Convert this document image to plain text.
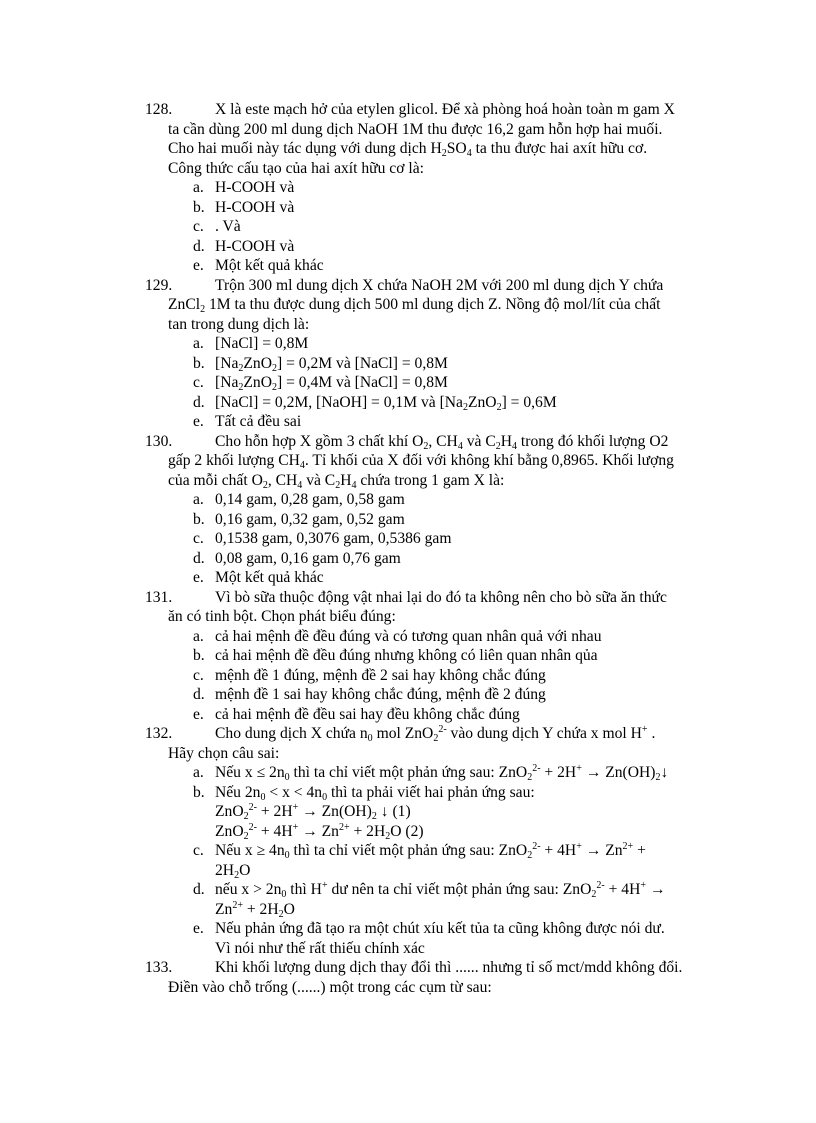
128.	X là este mạch hở của etylen glicol. Để xà phòng hoá hoàn toàn m gam X
ta cần dùng 200 ml dung dịch NaOH 1M thu được 16,2 gam hỗn hợp hai muối.
Cho hai muối này tác dụng với dung dịch $H_2SO_4$ ta thu được hai axít hữu cơ.
Công thức cấu tạo của hai axít hữu cơ là:
a. H-COOH và
b. H-COOH và
c. . Và
d. H-COOH và
e. Một kết quả khác
129.	Trộn 300 ml dung dịch X chứa NaOH 2M với 200 ml dung dịch Y chứa
ZnCl$_2$ 1M ta thu được dung dịch 500 ml dung dịch Z. Nồng độ mol/lít của chất
tan trong dung dịch là:
a. [NaCl] = 0,8M
b. $[Na_2ZnO_2] = 0,2M$ và [NaCl] = 0,8M
c. $[Na_2ZnO_2] = 0,4M$ và [NaCl] = 0,8M
d. [NaCl] = 0,2M, [NaOH] = 0,1M và $[Na_2ZnO_2] = 0,6M$
e. Tất cả đều sai
130.	Cho hỗn hợp X gồm 3 chất khí $O_2$, $CH_4$ và $C_2H_4$ trong đó khối lượng O2
gấp 2 khối lượng $CH_4$. Tỉ khối của X đối với không khí bằng 0,8965. Khối lượng
của mỗi chất $O_2$, $CH_4$ và $C_2H_4$ chứa trong 1 gam X là:
a. 0,14 gam, 0,28 gam, 0,58 gam
b. 0,16 gam, 0,32 gam, 0,52 gam
c. 0,1538 gam, 0,3076 gam, 0,5386 gam
d. 0,08 gam, 0,16 gam 0,76 gam
e. Một kết quả khác
131.	Vì bò sữa thuộc động vật nhai lại do đó ta không nên cho bò sữa ăn thức
ăn có tinh bột. Chọn phát biểu đúng:
a. cả hai mệnh đề đều đúng và có tương quan nhân quả với nhau
b. cả hai mệnh đề đều đúng nhưng không có liên quan nhân qủa
c. mệnh đề 1 đúng, mệnh đề 2 sai hay không chắc đúng
d. mệnh đề 1 sai hay không chắc đúng, mệnh đề 2 đúng
e. cả hai mệnh đề đều sai hay đều không chắc đúng
132.	Cho dung dịch X chứa $n_0$ mol ZnO$_2^{2-}$ vào dung dịch Y chứa x mol H+ .
Hãy chọn câu sai:
a. Nếu $x \le 2n_0$ thì ta chỉ viết một phản ứng sau: $ZnO_2^{2-} + 2H^+ \to Zn(OH)_2↓$
b. Nếu $2n_0 < x < 4n_0$ thì ta phải viết hai phản ứng sau:
$ZnO_2^{2-} + 2H^+ \to Zn(OH)_2$ ↓ (1)
$ZnO_2^{2-} + 4H^+ \to Zn^{2+} + 2H_2O$ (2)
c. Nếu $x \ge 4n_0$ thì ta chỉ viết một phản ứng sau: $ZnO_2^{2-} + 4H^+ \to Zn^{2+}$ +
$2H_2O$
d. nếu $x > 2n_0$ thì H+ dư nên ta chỉ viết một phản ứng sau: ZnO$_2^{2-}$ + 4H+ →
$Zn^{2+} + 2H_2O$
e. Nếu phản ứng đã tạo ra một chút xíu kết tủa ta cũng không được nói dư.
Vì nói như thế rất thiếu chính xác
133.	Khi khối lượng dung dịch thay đổi thì ...... nhưng tỉ số mct/mdd không đổi.
Điền vào chỗ trống (......) một trong các cụm từ sau:
